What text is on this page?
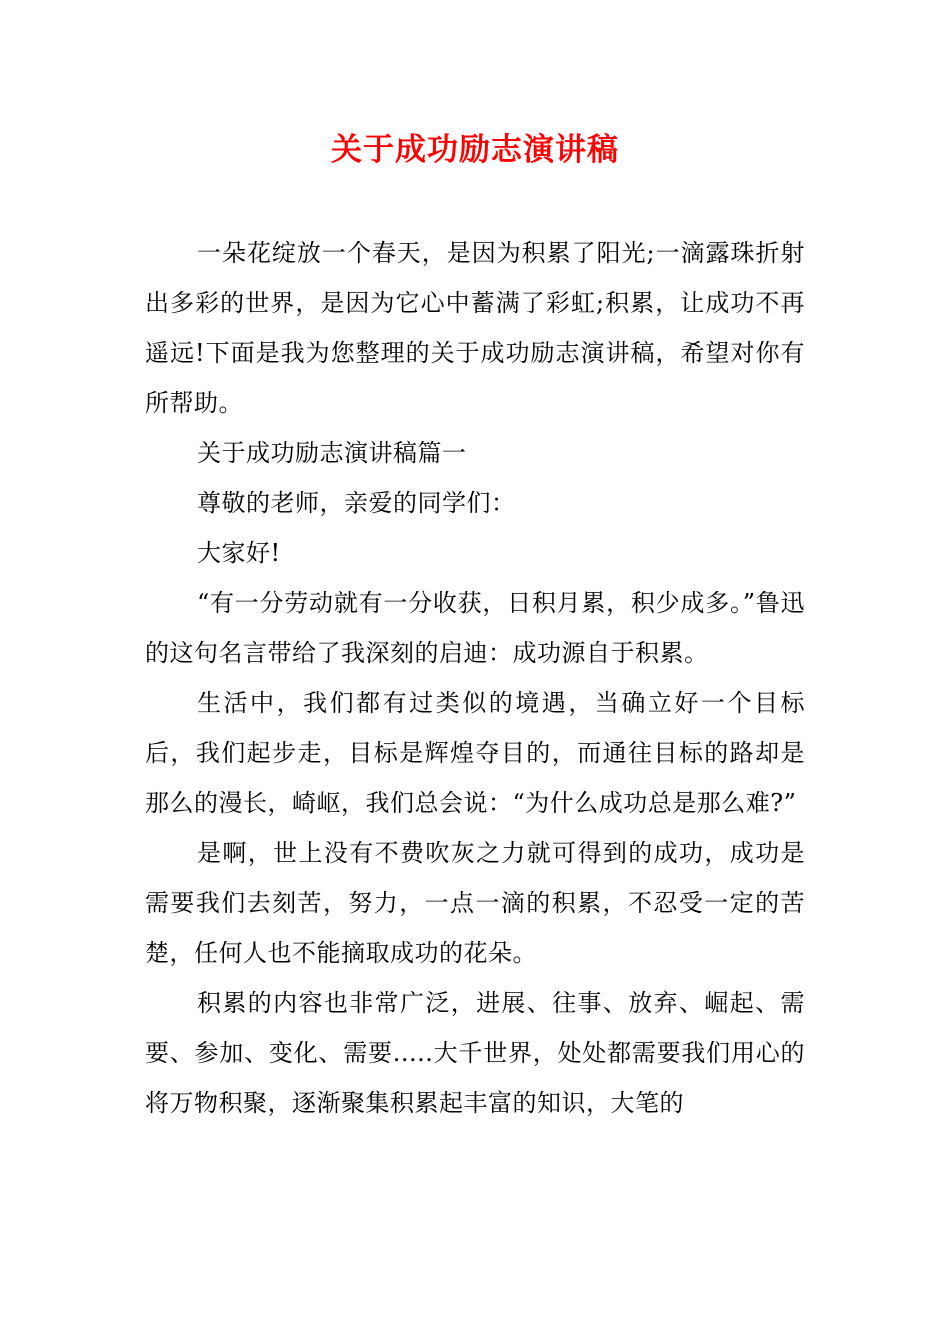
关于成功励志演讲稿

一朵花绽放一个春天，是因为积累了阳光;一滴露珠折射出多彩的世界，是因为它心中蓄满了彩虹;积累，让成功不再遥远!下面是我为您整理的关于成功励志演讲稿，希望对你有所帮助。

关于成功励志演讲稿篇一

尊敬的老师，亲爱的同学们：

大家好!

“有一分劳动就有一分收获，日积月累，积少成多。”鲁迅的这句名言带给了我深刻的启迪：成功源自于积累。

生活中，我们都有过类似的境遇，当确立好一个目标后，我们起步走，目标是辉煌夺目的，而通往目标的路却是那么的漫长，崎岖，我们总会说：“为什么成功总是那么难?”

是啊，世上没有不费吹灰之力就可得到的成功，成功是需要我们去刻苦，努力，一点一滴的积累，不忍受一定的苦楚，任何人也不能摘取成功的花朵。

积累的内容也非常广泛，进展、往事、放弃、崛起、需要、参加、变化、需要.....大千世界，处处都需要我们用心的将万物积聚，逐渐聚集积累起丰富的知识，大笔的
